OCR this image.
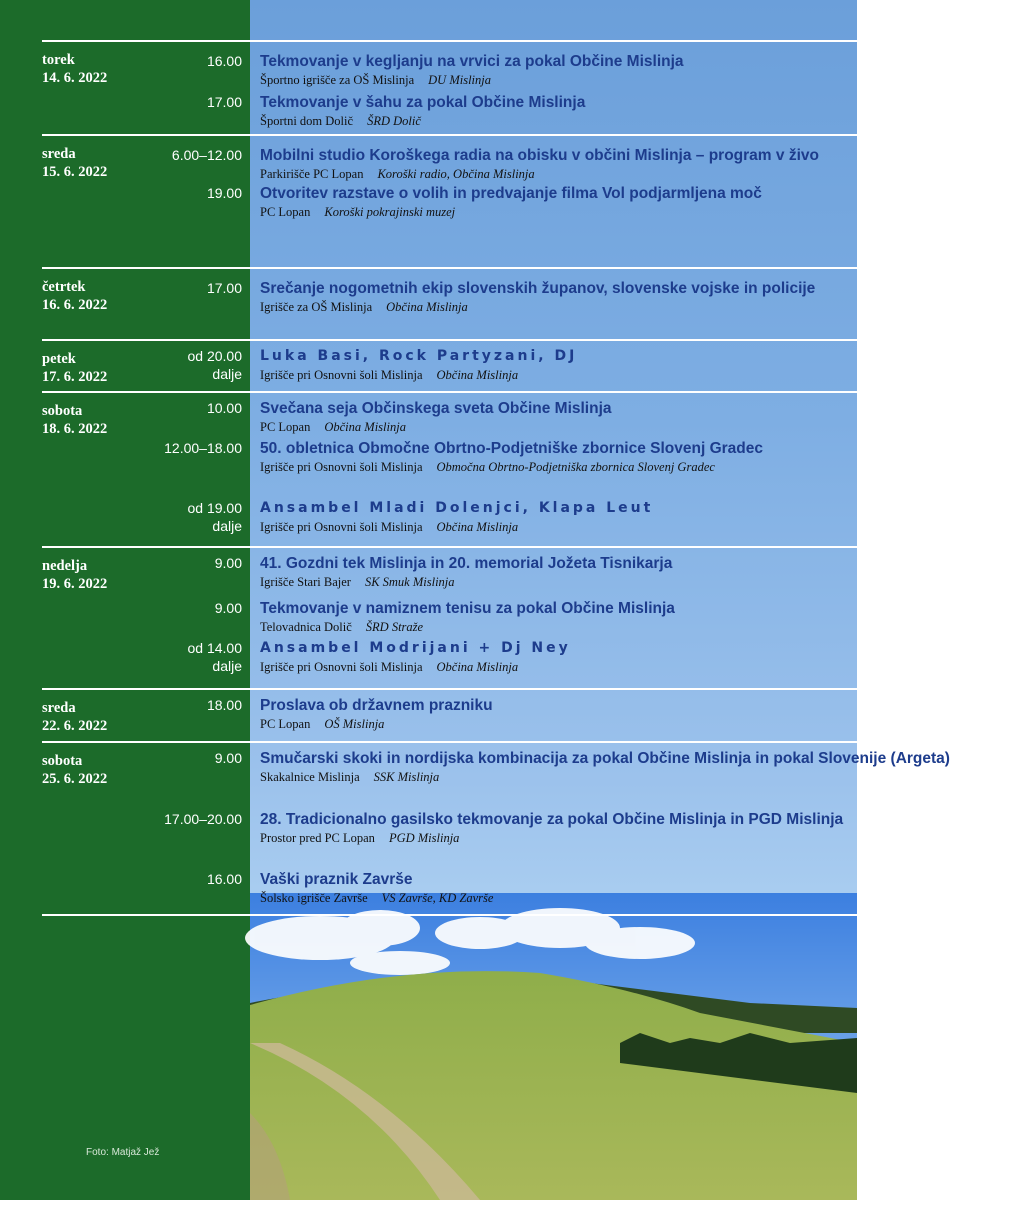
torek
14. 6. 2022
16.00 Tekmovanje v kegljanju na vrvici za pokal Občine Mislinja
Športno igrišče za OŠ Mislinja DU Mislinja
17.00 Tekmovanje v šahu za pokal Občine Mislinja
Športni dom Dolič ŠRD Dolič
sreda
15. 6. 2022
6.00–12.00 Mobilni studio Koroškega radia na obisku v občini Mislinja – program v živo
Parkirišče PC Lopan Koroški radio, Občina Mislinja
19.00 Otvoritev razstave o volih in predvajanje filma Vol podjarmljena moč
PC Lopan Koroški pokrajinski muzej
četrtek
16. 6. 2022
17.00 Srečanje nogometnih ekip slovenskih županov, slovenske vojske in policije
Igrišče za OŠ Mislinja Občina Mislinja
petek
17. 6. 2022
od 20.00
dalje
Luka Basi, Rock Partyzani, DJ
Igrišče pri Osnovni šoli Mislinja Občina Mislinja
sobota
18. 6. 2022
10.00 Svečana seja Občinskega sveta Občine Mislinja
PC Lopan Občina Mislinja
12.00–18.00 50. obletnica Območne Obrtno-Podjetniške zbornice Slovenj Gradec
Igrišče pri Osnovni šoli Mislinja Območna Obrtno-Podjetniška zbornica Slovenj Gradec
od 19.00
dalje
Ansambel Mladi Dolenjci, Klapa Leut
Igrišče pri Osnovni šoli Mislinja Občina Mislinja
nedelja
19. 6. 2022
9.00 41. Gozdni tek Mislinja in 20. memorial Jožeta Tisnikarja
Igrišče Stari Bajer SK Smuk Mislinja
9.00 Tekmovanje v namiznem tenisu za pokal Občine Mislinja
Telovadnica Dolič ŠRD Straže
od 14.00
dalje
Ansambel Modrijani + Dj Ney
Igrišče pri Osnovni šoli Mislinja Občina Mislinja
sreda
22. 6. 2022
18.00 Proslava ob državnem prazniku
PC Lopan OŠ Mislinja
sobota
25. 6. 2022
9.00 Smučarski skoki in nordijska kombinacija za pokal Občine Mislinja in pokal Slovenije (Argeta)
Skakalnice Mislinja SSK Mislinja
17.00–20.00 28. Tradicionalno gasilsko tekmovanje za pokal Občine Mislinja in PGD Mislinja
Prostor pred PC Lopan PGD Mislinja
16.00 Vaški praznik Završe
Šolsko igrišče Završe VS Završe, KD Završe
Foto: Matjaž Jež
